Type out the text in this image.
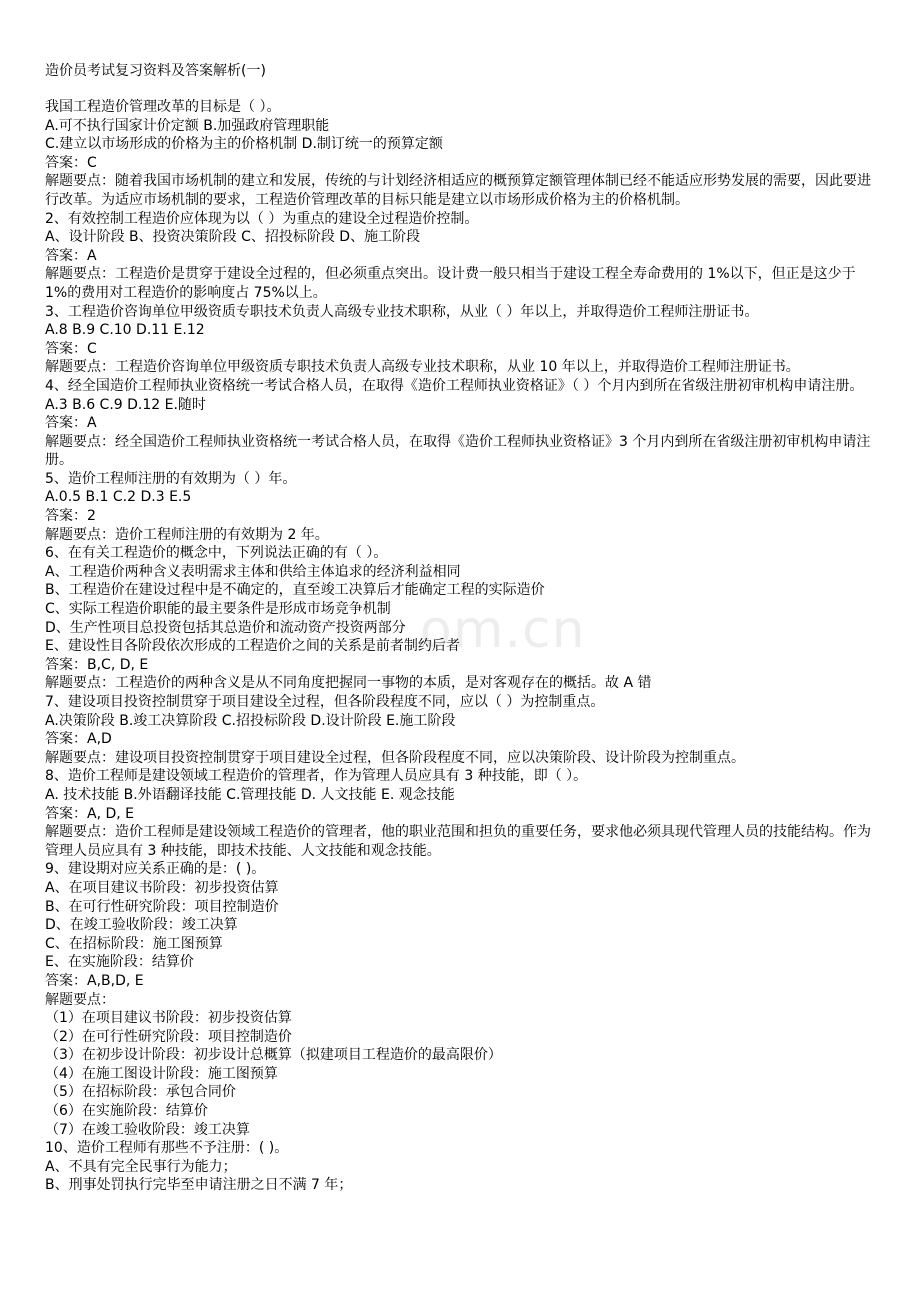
造价员考试复习资料及答案解析(一)
om.cn
我国工程造价管理改革的目标是（ ）。
A.可不执行国家计价定额 B.加强政府管理职能
C.建立以市场形成的价格为主的价格机制 D.制订统一的预算定额
答案：C
解题要点：随着我国市场机制的建立和发展，传统的与计划经济相适应的概预算定额管理体制已经不能适应形势发展的需要，因此要进行改革。为适应市场机制的要求，工程造价管理改革的目标只能是建立以市场形成价格为主的价格机制。
2、有效控制工程造价应体现为以（ ）为重点的建设全过程造价控制。
A、设计阶段 B、投资决策阶段 C、招投标阶段 D、施工阶段
答案：A
解题要点：工程造价是贯穿于建设全过程的，但必须重点突出。设计费一般只相当于建设工程全寿命费用的 1%以下，但正是这少于 1%的费用对工程造价的影响度占 75%以上。
3、工程造价咨询单位甲级资质专职技术负责人高级专业技术职称，从业（ ）年以上，并取得造价工程师注册证书。
A.8 B.9 C.10 D.11 E.12
答案：C
解题要点：工程造价咨询单位甲级资质专职技术负责人高级专业技术职称，从业 10 年以上，并取得造价工程师注册证书。
4、经全国造价工程师执业资格统一考试合格人员，在取得《造价工程师执业资格证》（ ）个月内到所在省级注册初审机构申请注册。
A.3 B.6 C.9 D.12 E.随时
答案：A
解题要点：经全国造价工程师执业资格统一考试合格人员，在取得《造价工程师执业资格证》3 个月内到所在省级注册初审机构申请注册。
5、造价工程师注册的有效期为（ ）年。
A.0.5 B.1 C.2 D.3 E.5
答案：2
解题要点：造价工程师注册的有效期为 2 年。
6、在有关工程造价的概念中，下列说法正确的有（ ）。
A、工程造价两种含义表明需求主体和供给主体追求的经济利益相同
B、工程造价在建设过程中是不确定的，直至竣工决算后才能确定工程的实际造价
C、实际工程造价职能的最主要条件是形成市场竞争机制
D、生产性项目总投资包括其总造价和流动资产投资两部分
E、建设性目各阶段依次形成的工程造价之间的关系是前者制约后者
答案：B,C, D, E
解题要点：工程造价的两种含义是从不同角度把握同一事物的本质，是对客观存在的概括。故 A 错
7、建设项目投资控制贯穿于项目建设全过程，但各阶段程度不同，应以（ ）为控制重点。
A.决策阶段 B.竣工决算阶段 C.招投标阶段 D.设计阶段 E.施工阶段
答案：A,D
解题要点：建设项目投资控制贯穿于项目建设全过程，但各阶段程度不同，应以决策阶段、设计阶段为控制重点。
8、造价工程师是建设领域工程造价的管理者，作为管理人员应具有 3 种技能，即（ ）。
A. 技术技能 B.外语翻译技能 C.管理技能 D. 人文技能 E. 观念技能
答案：A, D, E
解题要点：造价工程师是建设领域工程造价的管理者，他的职业范围和担负的重要任务，要求他必须具现代管理人员的技能结构。作为管理人员应具有 3 种技能，即技术技能、人文技能和观念技能。
9、建设期对应关系正确的是：( )。
A、在项目建议书阶段：初步投资估算
B、在可行性研究阶段：项目控制造价
D、在竣工验收阶段：竣工决算
C、在招标阶段：施工图预算
E、在实施阶段：结算价
答案：A,B,D, E
解题要点：
（1）在项目建议书阶段：初步投资估算
（2）在可行性研究阶段：项目控制造价
（3）在初步设计阶段：初步设计总概算（拟建项目工程造价的最高限价）
（4）在施工图设计阶段：施工图预算
（5）在招标阶段：承包合同价
（6）在实施阶段：结算价
（7）在竣工验收阶段：竣工决算
10、造价工程师有那些不予注册：( )。
A、不具有完全民事行为能力；
B、刑事处罚执行完毕至申请注册之日不满 7 年；
